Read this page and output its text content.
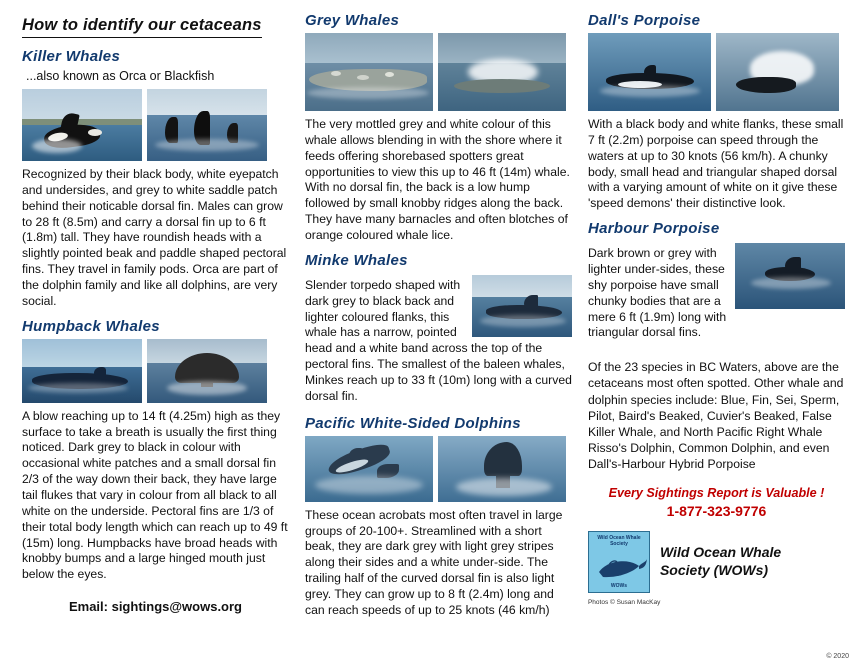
How to identify our cetaceans
Killer Whales
...also known as Orca or Blackfish

Recognized by their black body, white eyepatch and undersides, and grey to white saddle patch behind their noticable dorsal fin. Males can grow to 28 ft (8.5m) and carry a dorsal fin up to 6 ft (1.8m) tall. They have roundish heads with a slightly pointed beak and paddle shaped pectoral fins. They travel in family pods. Orca are part of the dolphin family and like all dolphins, are very social.

Humpback Whales

A blow reaching up to 14 ft (4.25m) high as they surface to take a breath is usually the first thing noticed. Dark grey to black in colour with occasional white patches and a small dorsal fin 2/3 of the way down their back, they have large tail flukes that vary in colour from all black to all white on the underside. Pectoral fins are 1/3 of their total body length which can reach up to 49 ft (15m) long. Humpbacks have broad heads with knobby bumps and a large hinged mouth just below the eyes.

Email: sightings@wows.org
Grey Whales

The very mottled grey and white colour of this whale allows blending in with the shore where it feeds offering shorebased spotters great opportunities to view this up to 46 ft (14m) whale. With no dorsal fin, the back is a low hump followed by small knobby ridges along the back. They have many barnacles and often blotches of orange coloured whale lice.

Minke Whales

Slender torpedo shaped with dark grey to black back and lighter coloured flanks, this whale has a narrow, pointed head and a white band across the top of the pectoral fins. The smallest of the baleen whales, Minkes reach up to 33 ft (10m) long with a curved dorsal fin.

Pacific White-Sided Dolphins

These ocean acrobats most often travel in large groups of 20-100+. Streamlined with a short beak, they are dark grey with light grey stripes along their sides and a white under-side. The trailing half of the curved dorsal fin is also light grey. They can grow up to 8 ft (2.4m) long and can reach speeds of up to 25 knots (46 km/h)

Dall's Porpoise

With a black body and white flanks, these small 7 ft (2.2m) porpoise can speed through the waters at up to 30 knots (56 km/h). A chunky body, small head and triangular shaped dorsal with a varying amount of white on it give these 'speed demons' their distinctive look.

Harbour Porpoise

Dark brown or grey with lighter under-sides, these shy porpoise have small chunky bodies that are a mere 6 ft (1.9m) long with triangular dorsal fins.

Of the 23 species in BC Waters, above are the cetaceans most often spotted. Other whale and dolphin species include: Blue, Fin, Sei, Sperm, Pilot, Baird's Beaked, Cuvier's Beaked, False Killer Whale, and North Pacific Right Whale Risso's Dolphin, Common Dolphin, and even Dall's-Harbour Hybrid Porpoise

Every Sightings Report is Valuable !
1-877-323-9776
Wild Ocean Whale
Society
WOWs
Wild Ocean Whale
Society (WOWs)
Photos © Susan MacKay
© 2020
